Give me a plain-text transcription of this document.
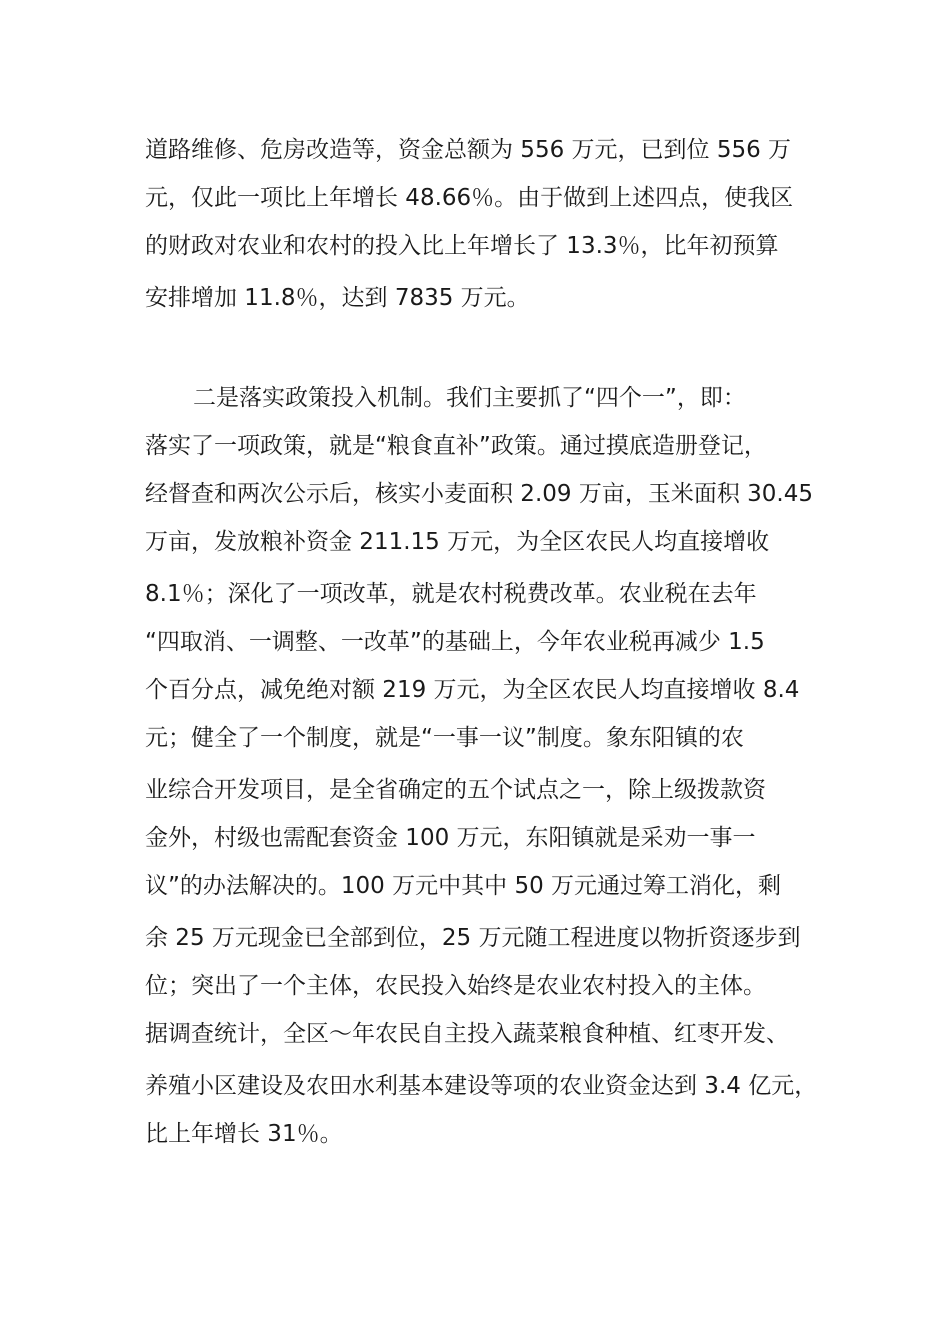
道路维修、危房改造等，资金总额为 556 万元，已到位 556 万
元，仅此一项比上年增长 48.66％。由于做到上述四点，使我区
的财政对农业和农村的投入比上年增长了 13.3％，比年初预算
安排增加 11.8％，达到 7835 万元。
二是落实政策投入机制。我们主要抓了“四个一”，即：
落实了一项政策，就是“粮食直补”政策。通过摸底造册登记，
经督查和两次公示后，核实小麦面积 2.09 万亩，玉米面积 30.45
万亩，发放粮补资金 211.15 万元，为全区农民人均直接增收
8.1％；深化了一项改革，就是农村税费改革。农业税在去年
“四取消、一调整、一改革”的基础上，今年农业税再减少 1.5
个百分点，减免绝对额 219 万元，为全区农民人均直接增收 8.4
元；健全了一个制度，就是“一事一议”制度。象东阳镇的农
业综合开发项目，是全省确定的五个试点之一，除上级拨款资
金外，村级也需配套资金 100 万元，东阳镇就是采劝一事一
议”的办法解决的。100 万元中其中 50 万元通过筹工消化，剩
余 25 万元现金已全部到位，25 万元随工程进度以物折资逐步到
位；突出了一个主体，农民投入始终是农业农村投入的主体。
据调查统计，全区～年农民自主投入蔬菜粮食种植、红枣开发、
养殖小区建设及农田水利基本建设等项的农业资金达到 3.4 亿元，
比上年增长 31％。
